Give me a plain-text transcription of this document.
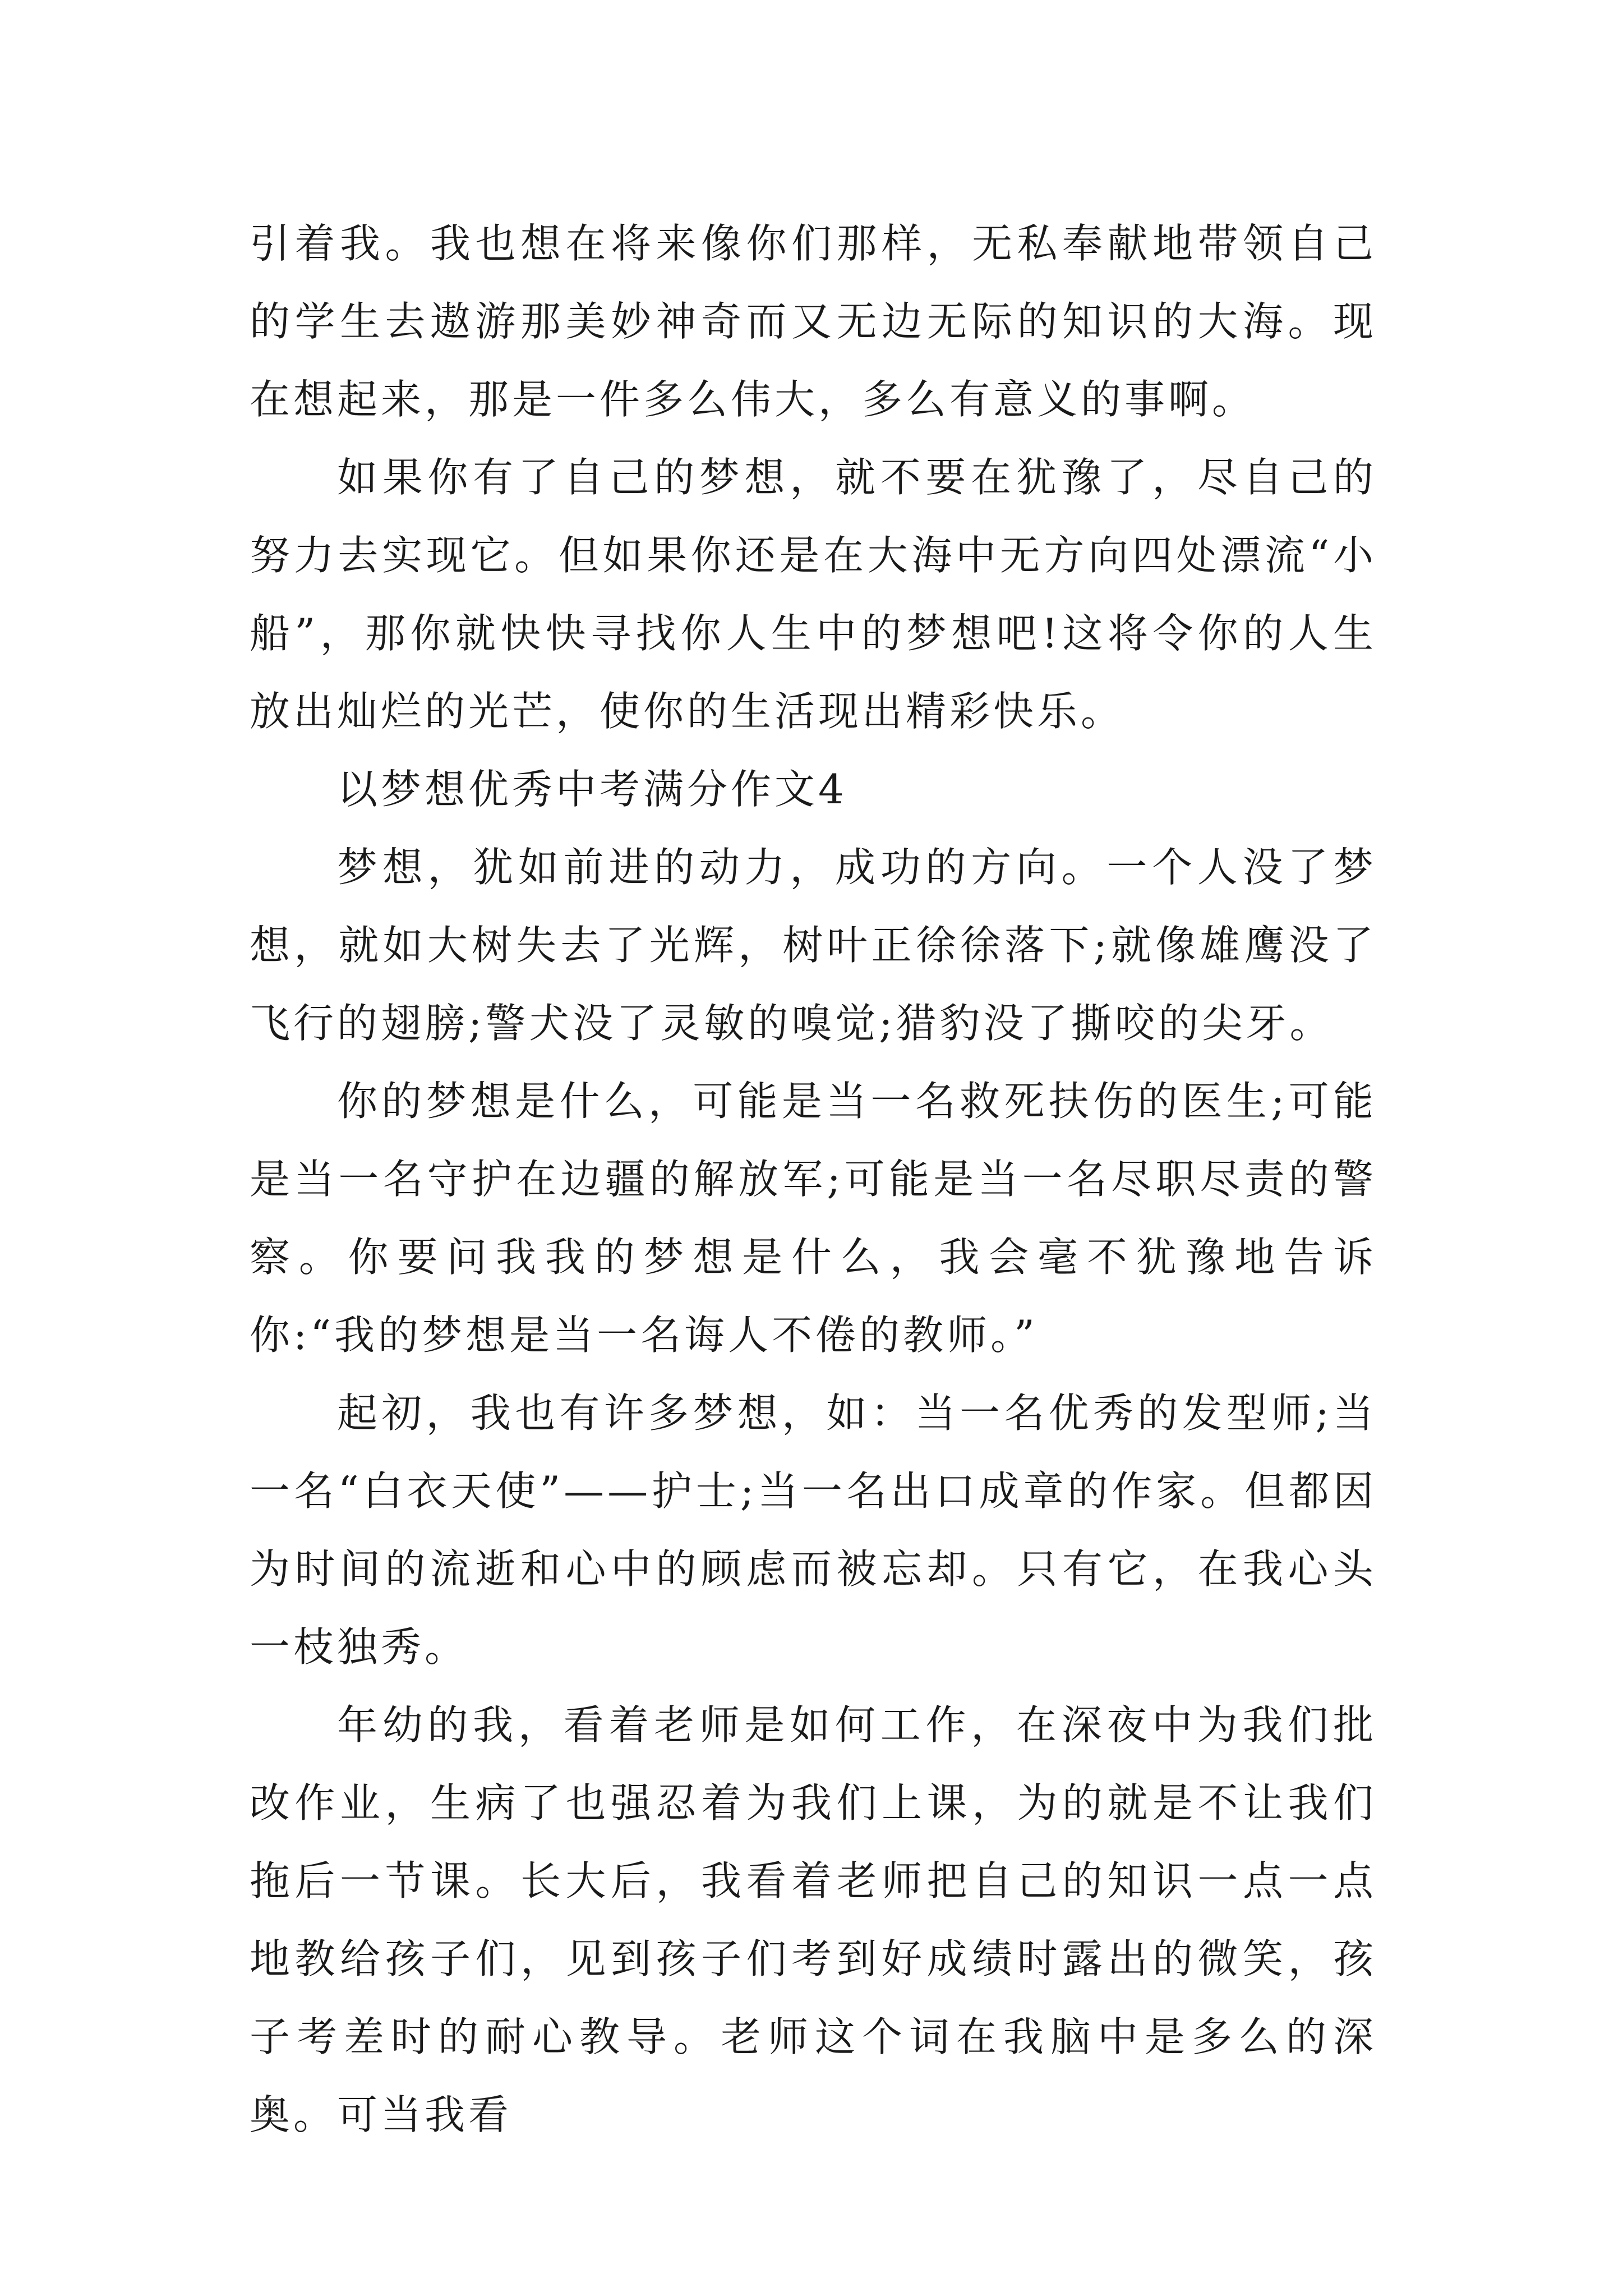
引着我。我也想在将来像你们那样，无私奉献地带领自己的学生去遨游那美妙神奇而又无边无际的知识的大海。现在想起来，那是一件多么伟大，多么有意义的事啊。

如果你有了自己的梦想，就不要在犹豫了，尽自己的努力去实现它。但如果你还是在大海中无方向四处漂流“小船”，那你就快快寻找你人生中的梦想吧!这将令你的人生放出灿烂的光芒，使你的生活现出精彩快乐。

以梦想优秀中考满分作文4

梦想，犹如前进的动力，成功的方向。一个人没了梦想，就如大树失去了光辉，树叶正徐徐落下;就像雄鹰没了飞行的翅膀;警犬没了灵敏的嗅觉;猎豹没了撕咬的尖牙。

你的梦想是什么，可能是当一名救死扶伤的医生;可能是当一名守护在边疆的解放军;可能是当一名尽职尽责的警察。你要问我我的梦想是什么，我会毫不犹豫地告诉你:“我的梦想是当一名诲人不倦的教师。”

起初，我也有许多梦想，如：当一名优秀的发型师;当一名“白衣天使”——护士;当一名出口成章的作家。但都因为时间的流逝和心中的顾虑而被忘却。只有它，在我心头一枝独秀。

年幼的我，看着老师是如何工作，在深夜中为我们批改作业，生病了也强忍着为我们上课，为的就是不让我们拖后一节课。长大后，我看着老师把自己的知识一点一点地教给孩子们，见到孩子们考到好成绩时露出的微笑，孩子考差时的耐心教导。老师这个词在我脑中是多么的深奥。可当我看
